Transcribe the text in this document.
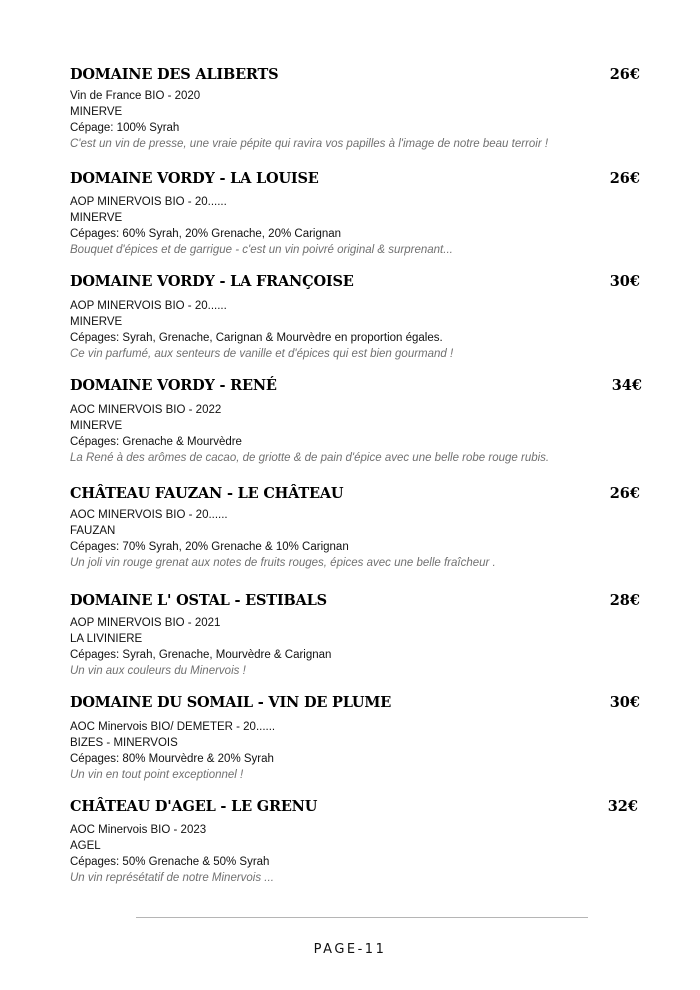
DOMAINE DES ALIBERTS	26€
Vin de France BIO - 2020
MINERVE
Cépage: 100% Syrah
C'est un vin de presse, une vraie pépite qui ravira vos papilles à l'image de notre beau terroir !
DOMAINE VORDY - LA LOUISE	26€
AOP MINERVOIS BIO - 20......
MINERVE
Cépages: 60% Syrah, 20% Grenache, 20% Carignan
Bouquet d'épices et de garrigue - c'est un vin poivré original & surprenant...
DOMAINE VORDY - LA FRANÇOISE	30€
AOP MINERVOIS BIO - 20......
MINERVE
Cépages: Syrah, Grenache, Carignan & Mourvèdre en proportion égales.
Ce vin parfumé, aux senteurs de vanille et d'épices qui est bien gourmand !
DOMAINE VORDY - RENÉ	34€
AOC MINERVOIS BIO - 2022
MINERVE
Cépages: Grenache & Mourvèdre
La René à des arômes de cacao, de griotte & de pain d'épice avec une belle robe rouge rubis.
CHÂTEAU FAUZAN - LE CHÂTEAU	26€
AOC MINERVOIS BIO - 20......
FAUZAN
Cépages: 70% Syrah, 20% Grenache & 10% Carignan
Un joli vin rouge grenat aux notes de fruits rouges, épices avec une belle fraîcheur .
DOMAINE L' OSTAL - ESTIBALS	28€
AOP MINERVOIS BIO - 2021
LA LIVINIERE
Cépages: Syrah, Grenache, Mourvèdre & Carignan
Un vin aux couleurs du Minervois !
DOMAINE DU SOMAIL - VIN DE PLUME	30€
AOC Minervois BIO/ DEMETER - 20......
BIZES - MINERVOIS
Cépages: 80% Mourvèdre & 20% Syrah
Un vin en tout point exceptionnel !
CHÂTEAU D'AGEL - LE GRENU	32€
AOC Minervois BIO - 2023
AGEL
Cépages: 50% Grenache & 50% Syrah
Un vin représétatif de notre Minervois ...
PAGE-11
